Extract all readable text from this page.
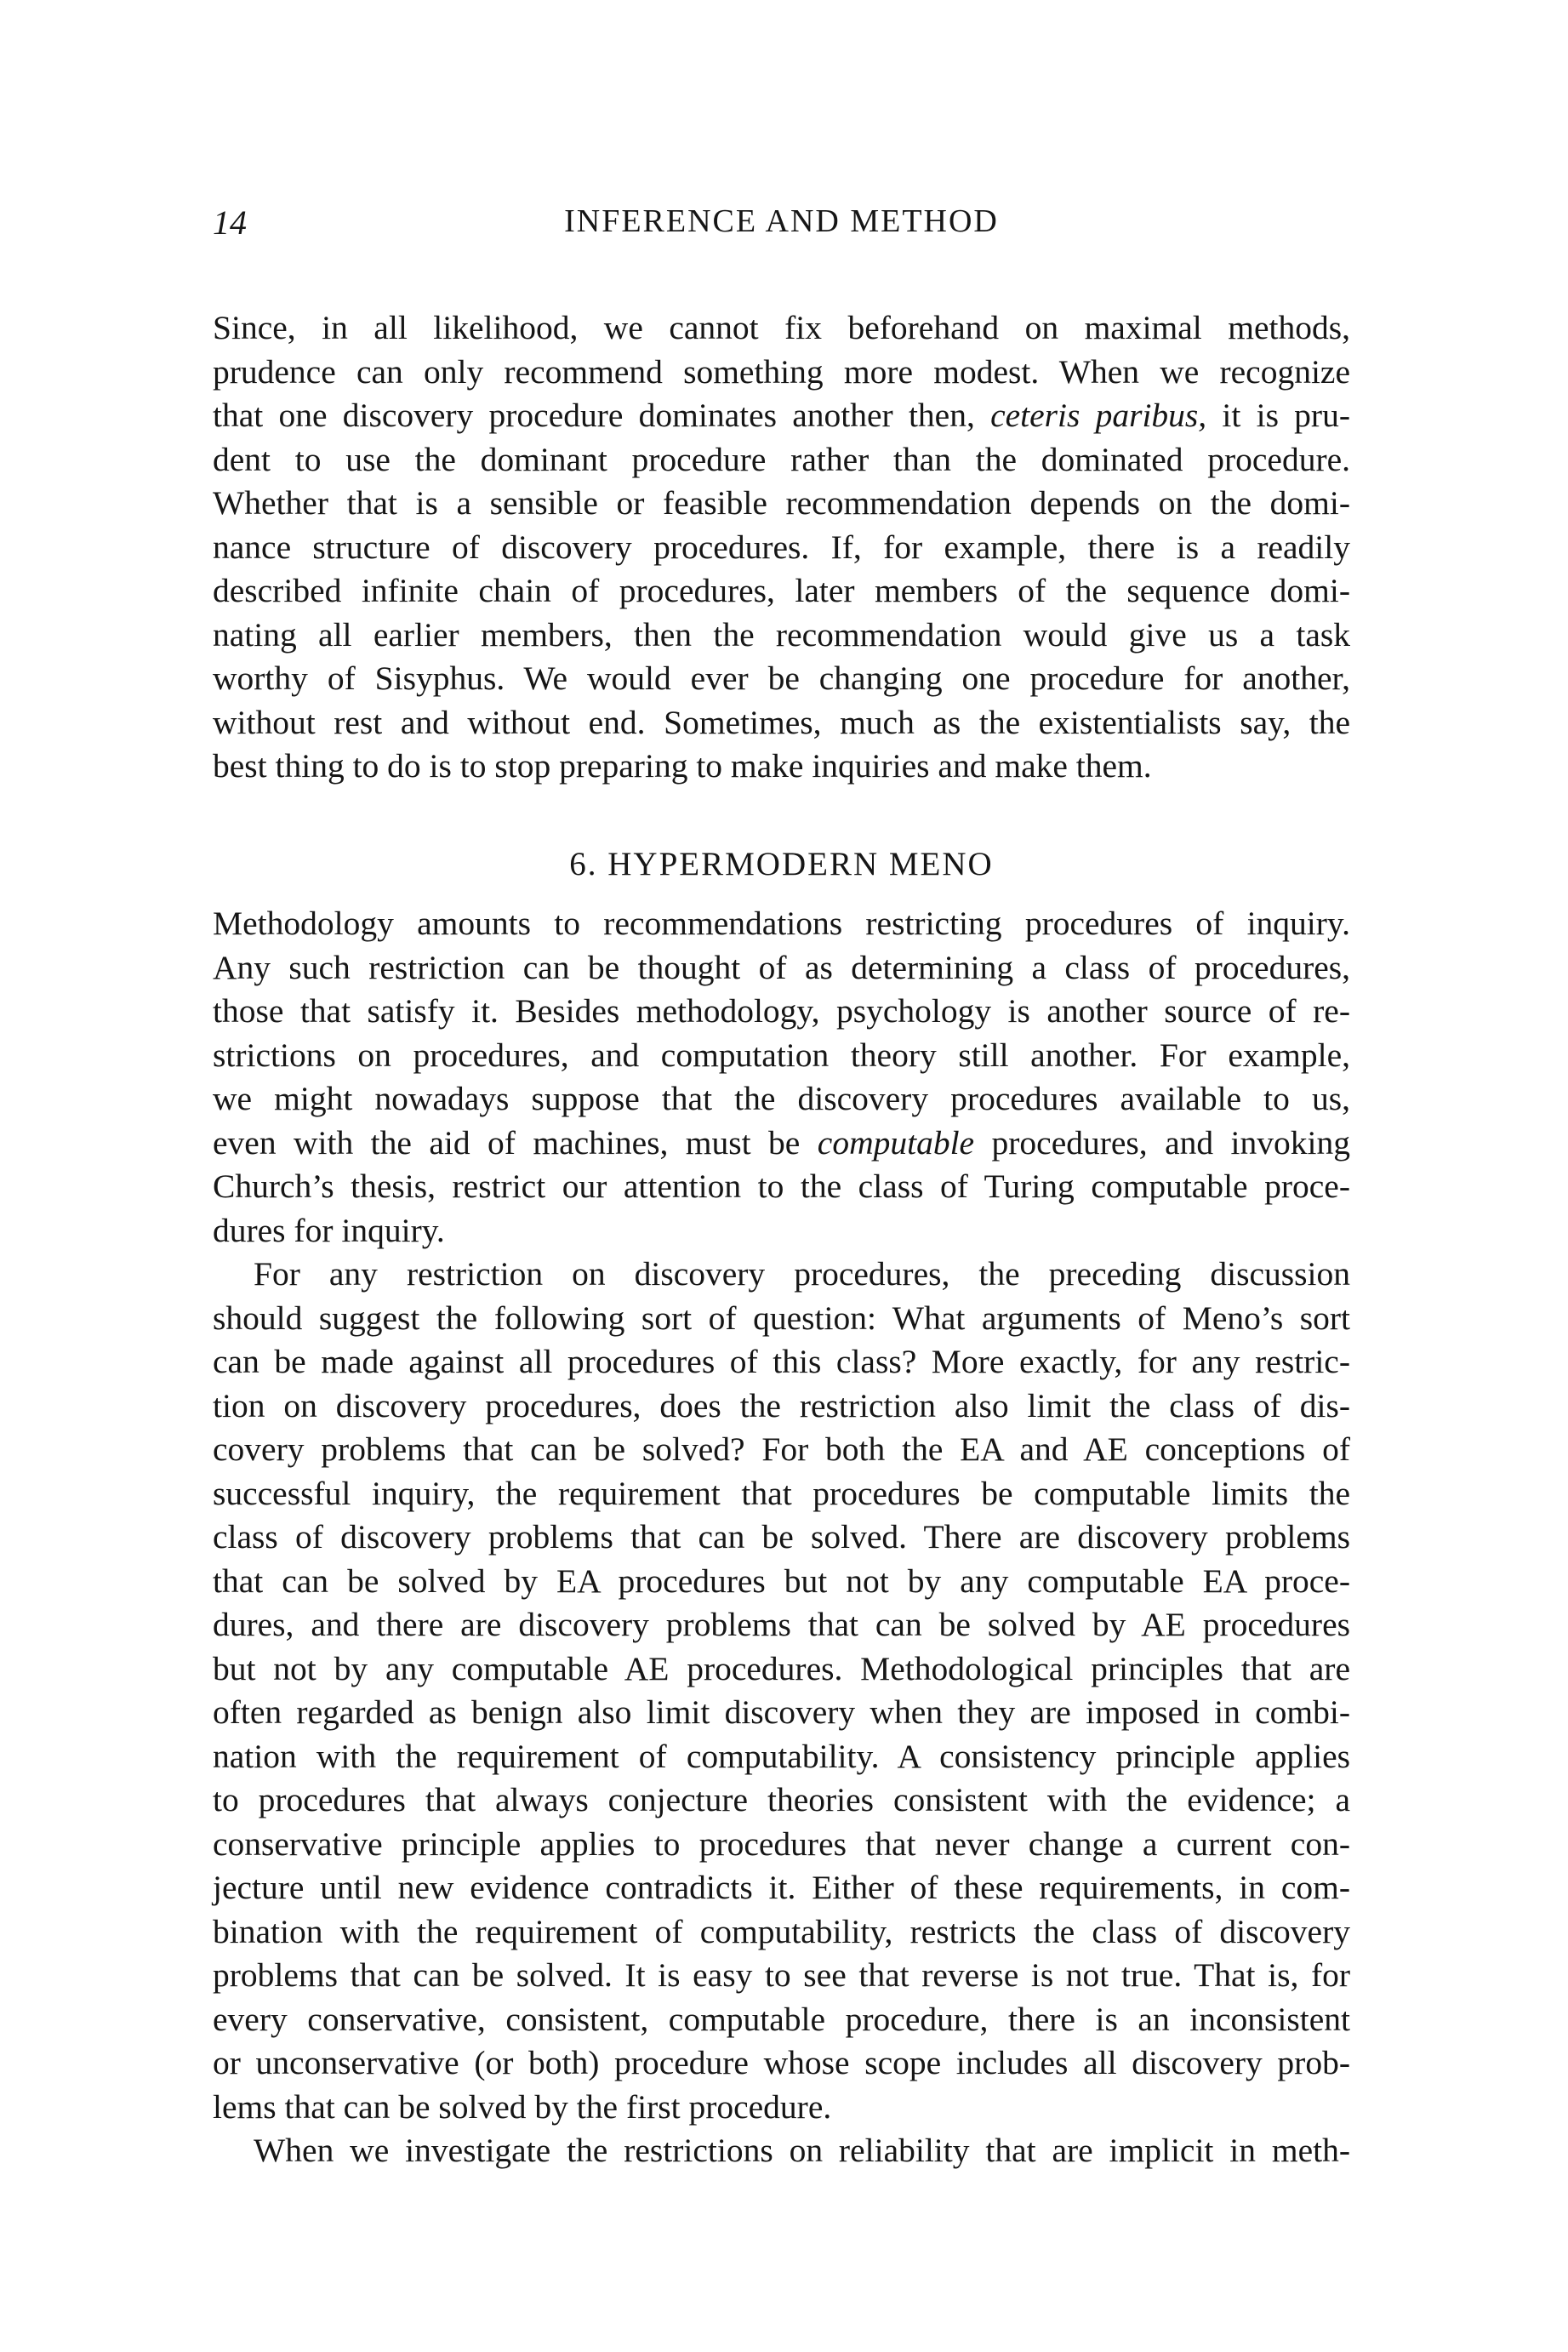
14	INFERENCE AND METHOD
Since, in all likelihood, we cannot fix beforehand on maximal methods,
prudence can only recommend something more modest. When we recognize
that one discovery procedure dominates another then, ceteris paribus, it is pru-
dent to use the dominant procedure rather than the dominated procedure.
Whether that is a sensible or feasible recommendation depends on the domi-
nance structure of discovery procedures. If, for example, there is a readily
described infinite chain of procedures, later members of the sequence domi-
nating all earlier members, then the recommendation would give us a task
worthy of Sisyphus. We would ever be changing one procedure for another,
without rest and without end. Sometimes, much as the existentialists say, the
best thing to do is to stop preparing to make inquiries and make them.
6. HYPERMODERN MENO
Methodology amounts to recommendations restricting procedures of inquiry.
Any such restriction can be thought of as determining a class of procedures,
those that satisfy it. Besides methodology, psychology is another source of re-
strictions on procedures, and computation theory still another. For example,
we might nowadays suppose that the discovery procedures available to us,
even with the aid of machines, must be computable procedures, and invoking
Church’s thesis, restrict our attention to the class of Turing computable proce-
dures for inquiry.
For any restriction on discovery procedures, the preceding discussion
should suggest the following sort of question: What arguments of Meno’s sort
can be made against all procedures of this class? More exactly, for any restric-
tion on discovery procedures, does the restriction also limit the class of dis-
covery problems that can be solved? For both the EA and AE conceptions of
successful inquiry, the requirement that procedures be computable limits the
class of discovery problems that can be solved. There are discovery problems
that can be solved by EA procedures but not by any computable EA proce-
dures, and there are discovery problems that can be solved by AE procedures
but not by any computable AE procedures. Methodological principles that are
often regarded as benign also limit discovery when they are imposed in combi-
nation with the requirement of computability. A consistency principle applies
to procedures that always conjecture theories consistent with the evidence; a
conservative principle applies to procedures that never change a current con-
jecture until new evidence contradicts it. Either of these requirements, in com-
bination with the requirement of computability, restricts the class of discovery
problems that can be solved. It is easy to see that reverse is not true. That is, for
every conservative, consistent, computable procedure, there is an inconsistent
or unconservative (or both) procedure whose scope includes all discovery prob-
lems that can be solved by the first procedure.
When we investigate the restrictions on reliability that are implicit in meth-
